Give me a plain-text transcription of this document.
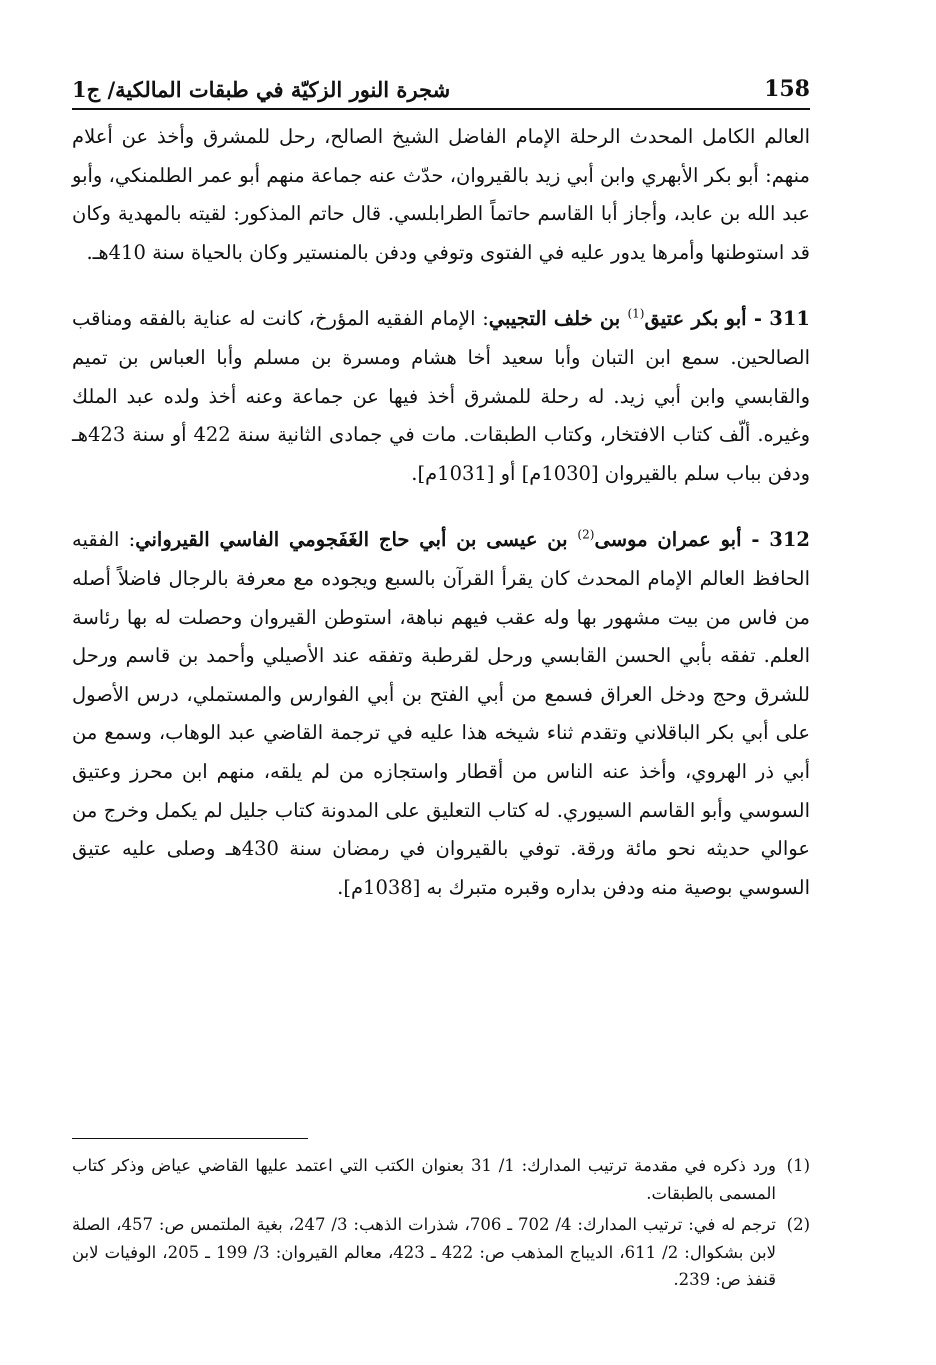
158
شجرة النور الزكيّة في طبقات المالكية/ ج1

العالم الكامل المحدث الرحلة الإمام الفاضل الشيخ الصالح، رحل للمشرق وأخذ عن أعلام منهم: أبو بكر الأبهري وابن أبي زيد بالقيروان، حدّث عنه جماعة منهم أبو عمر الطلمنكي، وأبو عبد الله بن عابد، وأجاز أبا القاسم حاتماً الطرابلسي. قال حاتم المذكور: لقيته بالمهدية وكان قد استوطنها وأمرها يدور عليه في الفتوى وتوفي ودفن بالمنستير وكان بالحياة سنة 410هـ.

311 - أبو بكر عتيق$^{(1)}$ بن خلف التجيبي: الإمام الفقيه المؤرخ، كانت له عناية بالفقه ومناقب الصالحين. سمع ابن التبان وأبا سعيد أخا هشام ومسرة بن مسلم وأبا العباس بن تميم والقابسي وابن أبي زيد. له رحلة للمشرق أخذ فيها عن جماعة وعنه أخذ ولده عبد الملك وغيره. ألّف كتاب الافتخار، وكتاب الطبقات. مات في جمادى الثانية سنة 422 أو سنة 423هـ ودفن بباب سلم بالقيروان [1030م] أو [1031م].

312 - أبو عمران موسى$^{(2)}$ بن عيسى بن أبي حاج الغَفَجومي الفاسي القيرواني: الفقيه الحافظ العالم الإمام المحدث كان يقرأ القرآن بالسبع ويجوده مع معرفة بالرجال فاضلاً أصله من فاس من بيت مشهور بها وله عقب فيهم نباهة، استوطن القيروان وحصلت له بها رئاسة العلم. تفقه بأبي الحسن القابسي ورحل لقرطبة وتفقه عند الأصيلي وأحمد بن قاسم ورحل للشرق وحج ودخل العراق فسمع من أبي الفتح بن أبي الفوارس والمستملي، درس الأصول على أبي بكر الباقلاني وتقدم ثناء شيخه هذا عليه في ترجمة القاضي عبد الوهاب، وسمع من أبي ذر الهروي، وأخذ عنه الناس من أقطار واستجازه من لم يلقه، منهم ابن محرز وعتيق السوسي وأبو القاسم السيوري. له كتاب التعليق على المدونة كتاب جليل لم يكمل وخرج من عوالي حديثه نحو مائة ورقة. توفي بالقيروان في رمضان سنة 430هـ وصلى عليه عتيق السوسي بوصية منه ودفن بداره وقبره متبرك به [1038م].

(1)
ورد ذكره في مقدمة ترتيب المدارك: 1/ 31 بعنوان الكتب التي اعتمد عليها القاضي عياض وذكر كتاب المسمى بالطبقات.
(2)
ترجم له في: ترتيب المدارك: 4/ 702 ـ 706، شذرات الذهب: 3/ 247، بغية الملتمس ص: 457، الصلة لابن بشكوال: 2/ 611، الديباج المذهب ص: 422 ـ 423، معالم القيروان: 3/ 199 ـ 205، الوفيات لابن قنفذ ص: 239.
